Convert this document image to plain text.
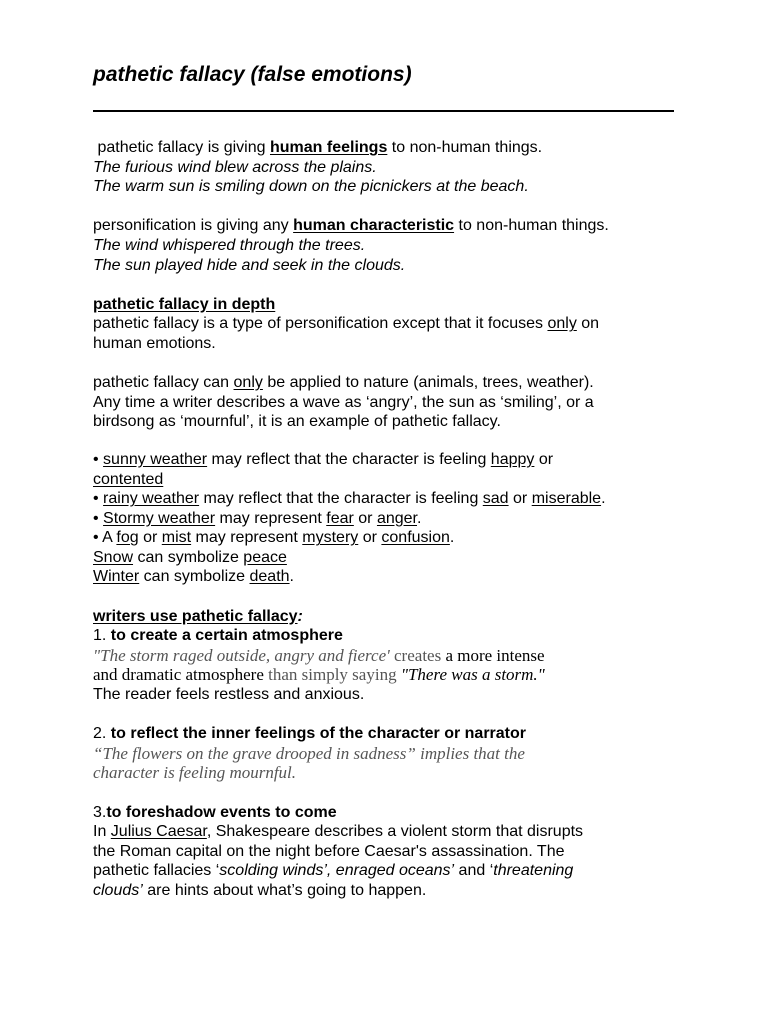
pathetic fallacy (false emotions)
pathetic fallacy is giving human feelings to non-human things.
The furious wind blew across the plains.
The warm sun is smiling down on the picnickers at the beach.
personification is giving any human characteristic to non-human things.
The wind whispered through the trees.
The sun played hide and seek in the clouds.
pathetic fallacy in depth
pathetic fallacy is a type of personification except that it focuses only on
human emotions.
pathetic fallacy can only be applied to nature (animals, trees, weather).
Any time a writer describes a wave as ‘angry’, the sun as ‘smiling’, or a
birdsong as ‘mournful’, it is an example of pathetic fallacy.
• sunny weather may reflect that the character is feeling happy or
contented
• rainy weather may reflect that the character is feeling sad or miserable.
• Stormy weather may represent fear or anger.
• A fog or mist may represent mystery or confusion.
Snow can symbolize peace
Winter can symbolize death.
writers use pathetic fallacy:
1. to create a certain atmosphere
"The storm raged outside, angry and fierce' creates a more intense
and dramatic atmosphere than simply saying "There was a storm."
The reader feels restless and anxious.
2. to reflect the inner feelings of the character or narrator
“The flowers on the grave drooped in sadness” implies that the
character is feeling mournful.
3.to foreshadow events to come
In Julius Caesar, Shakespeare describes a violent storm that disrupts
the Roman capital on the night before Caesar's assassination. The
pathetic fallacies ‘scolding winds’, enraged oceans’ and ‘threatening
clouds’ are hints about what’s going to happen.
